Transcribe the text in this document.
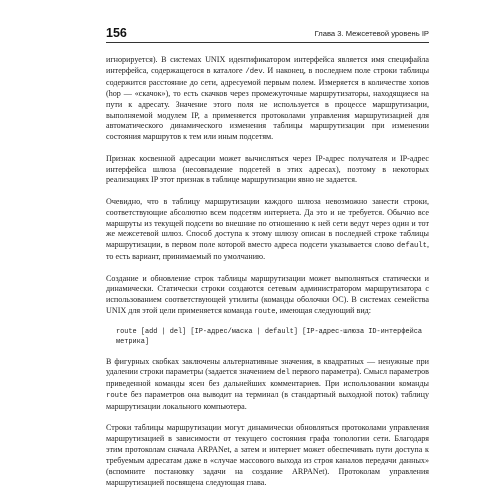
156	Глава 3. Межсетевой уровень IP

игнорируется). В системах UNIX идентификатором интерфейса является имя специфайла интерфейса, содержащегося в каталоге /dev. И наконец, в последнем поле строки таблицы содержится расстояние до сети, адресуемой первым полем. Измеряется в количестве хопов (hop — «скачок»), то есть скачков через промежуточные маршрутизаторы, находящиеся на пути к адресату. Значение этого поля не используется в процессе маршрутизации, выполняемой модулем IP, а применяется протоколами управления маршрутизацией для автоматического динамического изменения таблицы маршрутизации при изменении состояния маршрутов к тем или иным подсетям.

Признак косвенной адресации может вычисляться через IP-адрес получателя и IP-адрес интерфейса шлюза (несовпадение подсетей в этих адресах), поэтому в некоторых реализациях IP этот признак в таблице маршрутизации явно не задается.

Очевидно, что в таблицу маршрутизации каждого шлюза невозможно занести строки, соответствующие абсолютно всем подсетям интернета. Да это и не требуется. Обычно все маршруты из текущей подсети во внешние по отношению к ней сети ведут через один и тот же межсетевой шлюз. Способ доступа к этому шлюзу описан в последней строке таблицы маршрутизации, в первом поле которой вместо адреса подсети указывается слово default, то есть вариант, принимаемый по умолчанию.

Создание и обновление строк таблицы маршрутизации может выполняться статически и динамически. Статически строки создаются сетевым администратором маршрутизатора с использованием соответствующей утилиты (команды оболочки ОС). В системах семейства UNIX для этой цели применяется команда route, имеющая следующий вид:

route [add | del] [IP-адрес/маска | default] [IP-адрес-шлюза ID-интерфейса
метрика]

В фигурных скобках заключены альтернативные значения, в квадратных — ненужные при удалении строки параметры (задается значением del первого параметра). Смысл параметров приведенной команды ясен без дальнейших комментариев. При использовании команды route без параметров она выводит на терминал (в стандартный выходной поток) таблицу маршрутизации локального компьютера.

Строки таблицы маршрутизации могут динамически обновляться протоколами управления маршрутизацией в зависимости от текущего состояния графа топологии сети. Благодаря этим протоколам сначала ARPANet, а затем и интернет может обеспечивать пути доступа к требуемым адресатам даже в «случае массового выхода из строя каналов передачи данных» (вспомните постановку задачи на создание ARPANet). Протоколам управления маршрутизацией посвящена следующая глава.
